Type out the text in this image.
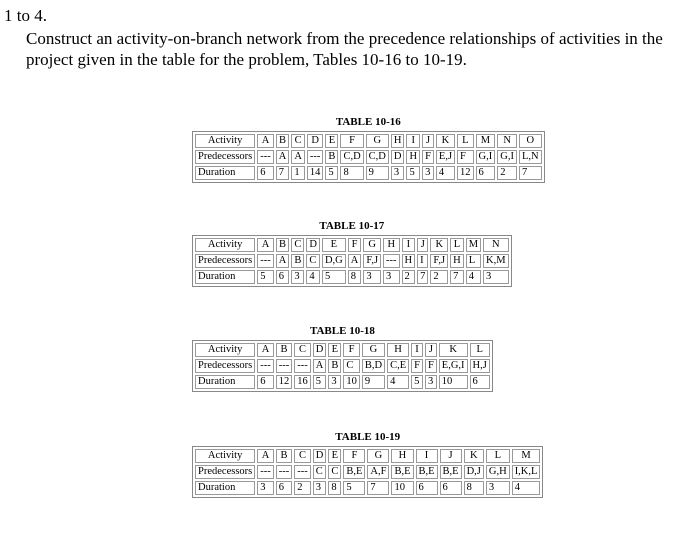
1 to 4.
Construct an activity-on-branch network from the precedence relationships of activities in the project given in the table for the problem, Tables 10-16 to 10-19.
TABLE 10-16
Activity	A	B	C	D	E	F	G	H	I	J	K	L	M	N	O
Predecessors	---	A	A	---	B	C,D	C,D	D	H	F	E,J	F	G,I	G,I	L,N
Duration	6	7	1	14	5	8	9	3	5	3	4	12	6	2	7
TABLE 10-17
Activity	A	B	C	D	E	F	G	H	I	J	K	L	M	N
Predecessors	---	A	B	C	D,G	A	F,J	---	H	I	F,J	H	L	K,M
Duration	5	6	3	4	5	8	3	3	2	7	2	7	4	3
TABLE 10-18
Activity	A	B	C	D	E	F	G	H	I	J	K	L
Predecessors	---	---	---	A	B	C	B,D	C,E	F	F	E,G,I	H,J
Duration	6	12	16	5	3	10	9	4	5	3	10	6
TABLE 10-19
Activity	A	B	C	D	E	F	G	H	I	J	K	L	M
Predecessors	---	---	---	C	C	B,E	A,F	B,E	B,E	B,E	D,J	G,H	I,K,L
Duration	3	6	2	3	8	5	7	10	6	6	8	3	4
